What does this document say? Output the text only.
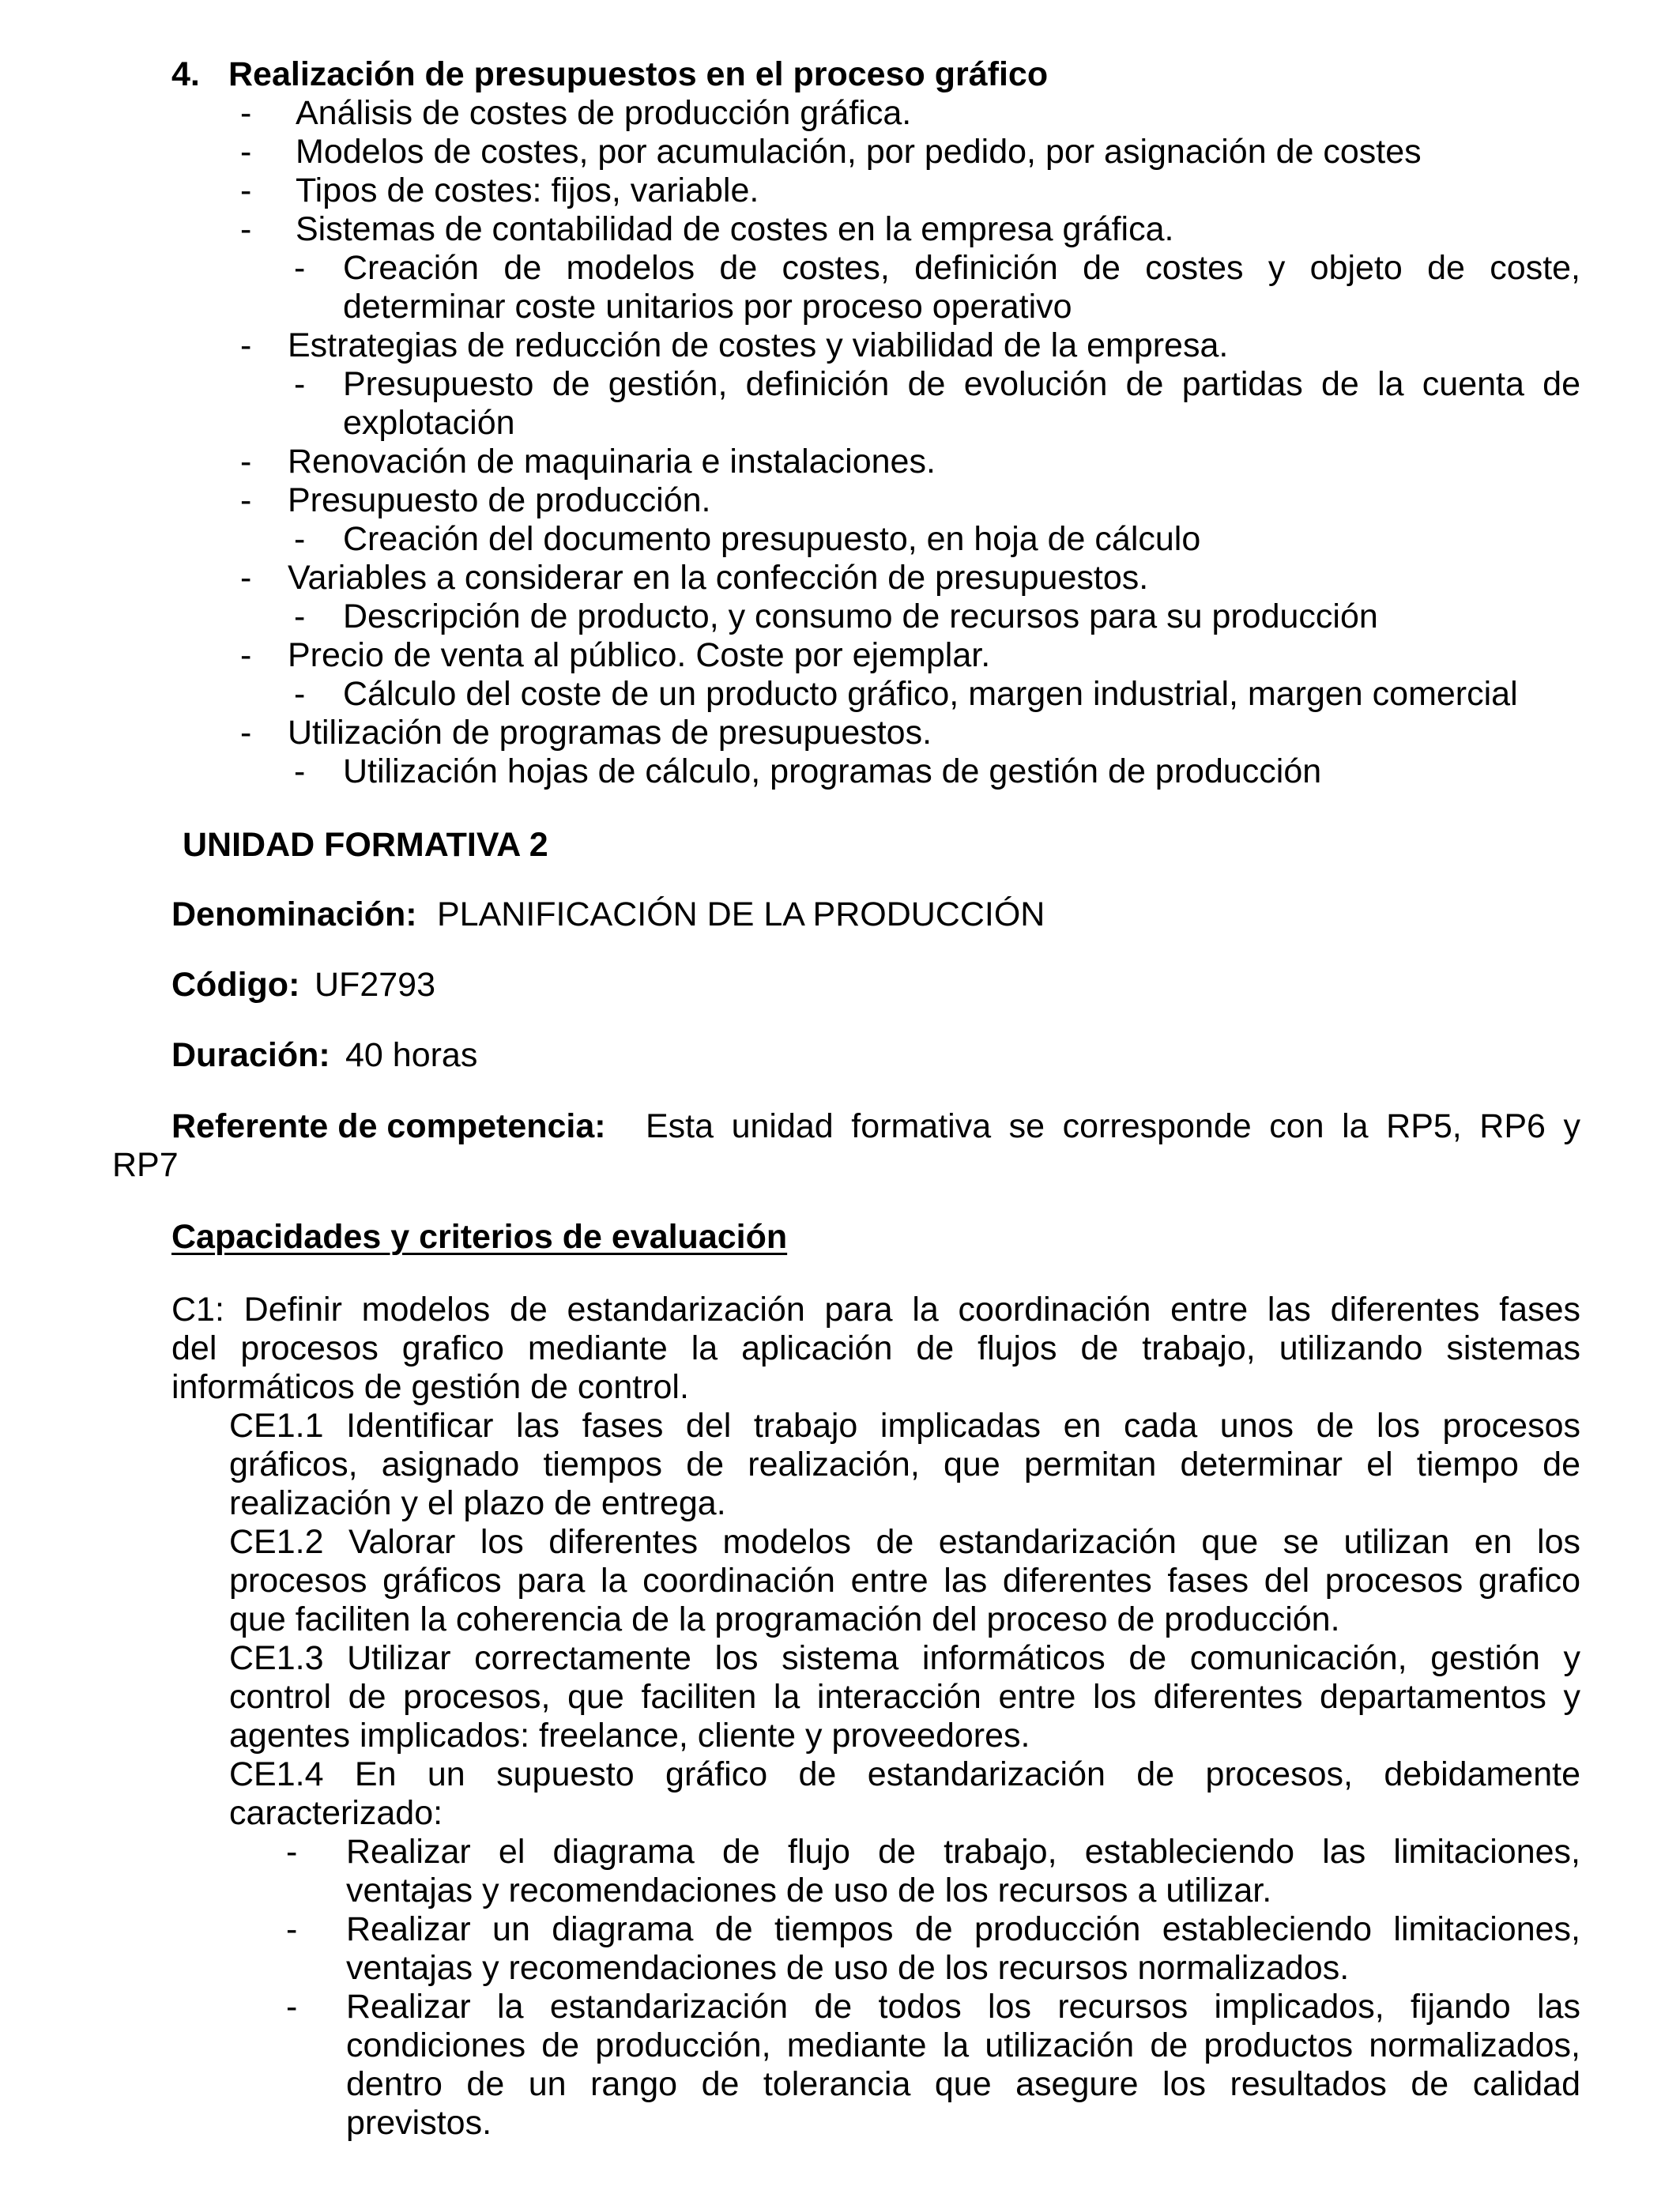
4. Realización de presupuestos en el proceso gráfico
- Análisis de costes de producción gráfica.
- Modelos de costes, por acumulación, por pedido, por asignación de costes
- Tipos de costes: fijos, variable.
- Sistemas de contabilidad de costes en la empresa gráfica.
- Creación de modelos de costes, definición de costes y objeto de coste,
determinar coste unitarios por proceso operativo
- Estrategias de reducción de costes y viabilidad de la empresa.
- Presupuesto de gestión, definición de evolución de partidas de la cuenta de
explotación
- Renovación de maquinaria e instalaciones.
- Presupuesto de producción.
- Creación del documento presupuesto, en hoja de cálculo
- Variables a considerar en la confección de presupuestos.
- Descripción de producto, y consumo de recursos para su producción
- Precio de venta al público. Coste por ejemplar.
- Cálculo del coste de un producto gráfico, margen industrial, margen comercial
- Utilización de programas de presupuestos.
- Utilización hojas de cálculo, programas de gestión de producción
UNIDAD FORMATIVA 2
Denominación: PLANIFICACIÓN DE LA PRODUCCIÓN
Código: UF2793
Duración: 40 horas
Referente de competencia: Esta unidad formativa se corresponde con la RP5, RP6 y
RP7
Capacidades y criterios de evaluación
C1: Definir modelos de estandarización para la coordinación entre las diferentes fases
del procesos grafico mediante la aplicación de flujos de trabajo, utilizando sistemas
informáticos de gestión de control.
CE1.1 Identificar las fases del trabajo implicadas en cada unos de los procesos
gráficos, asignado tiempos de realización, que permitan determinar el tiempo de
realización y el plazo de entrega.
CE1.2 Valorar los diferentes modelos de estandarización que se utilizan en los
procesos gráficos para la coordinación entre las diferentes fases del procesos grafico
que faciliten la coherencia de la programación del proceso de producción.
CE1.3 Utilizar correctamente los sistema informáticos de comunicación, gestión y
control de procesos, que faciliten la interacción entre los diferentes departamentos y
agentes implicados: freelance, cliente y proveedores.
CE1.4 En un supuesto gráfico de estandarización de procesos, debidamente
caracterizado:
- Realizar el diagrama de flujo de trabajo, estableciendo las limitaciones,
ventajas y recomendaciones de uso de los recursos a utilizar.
- Realizar un diagrama de tiempos de producción estableciendo limitaciones,
ventajas y recomendaciones de uso de los recursos normalizados.
- Realizar la estandarización de todos los recursos implicados, fijando las
condiciones de producción, mediante la utilización de productos normalizados,
dentro de un rango de tolerancia que asegure los resultados de calidad
previstos.
